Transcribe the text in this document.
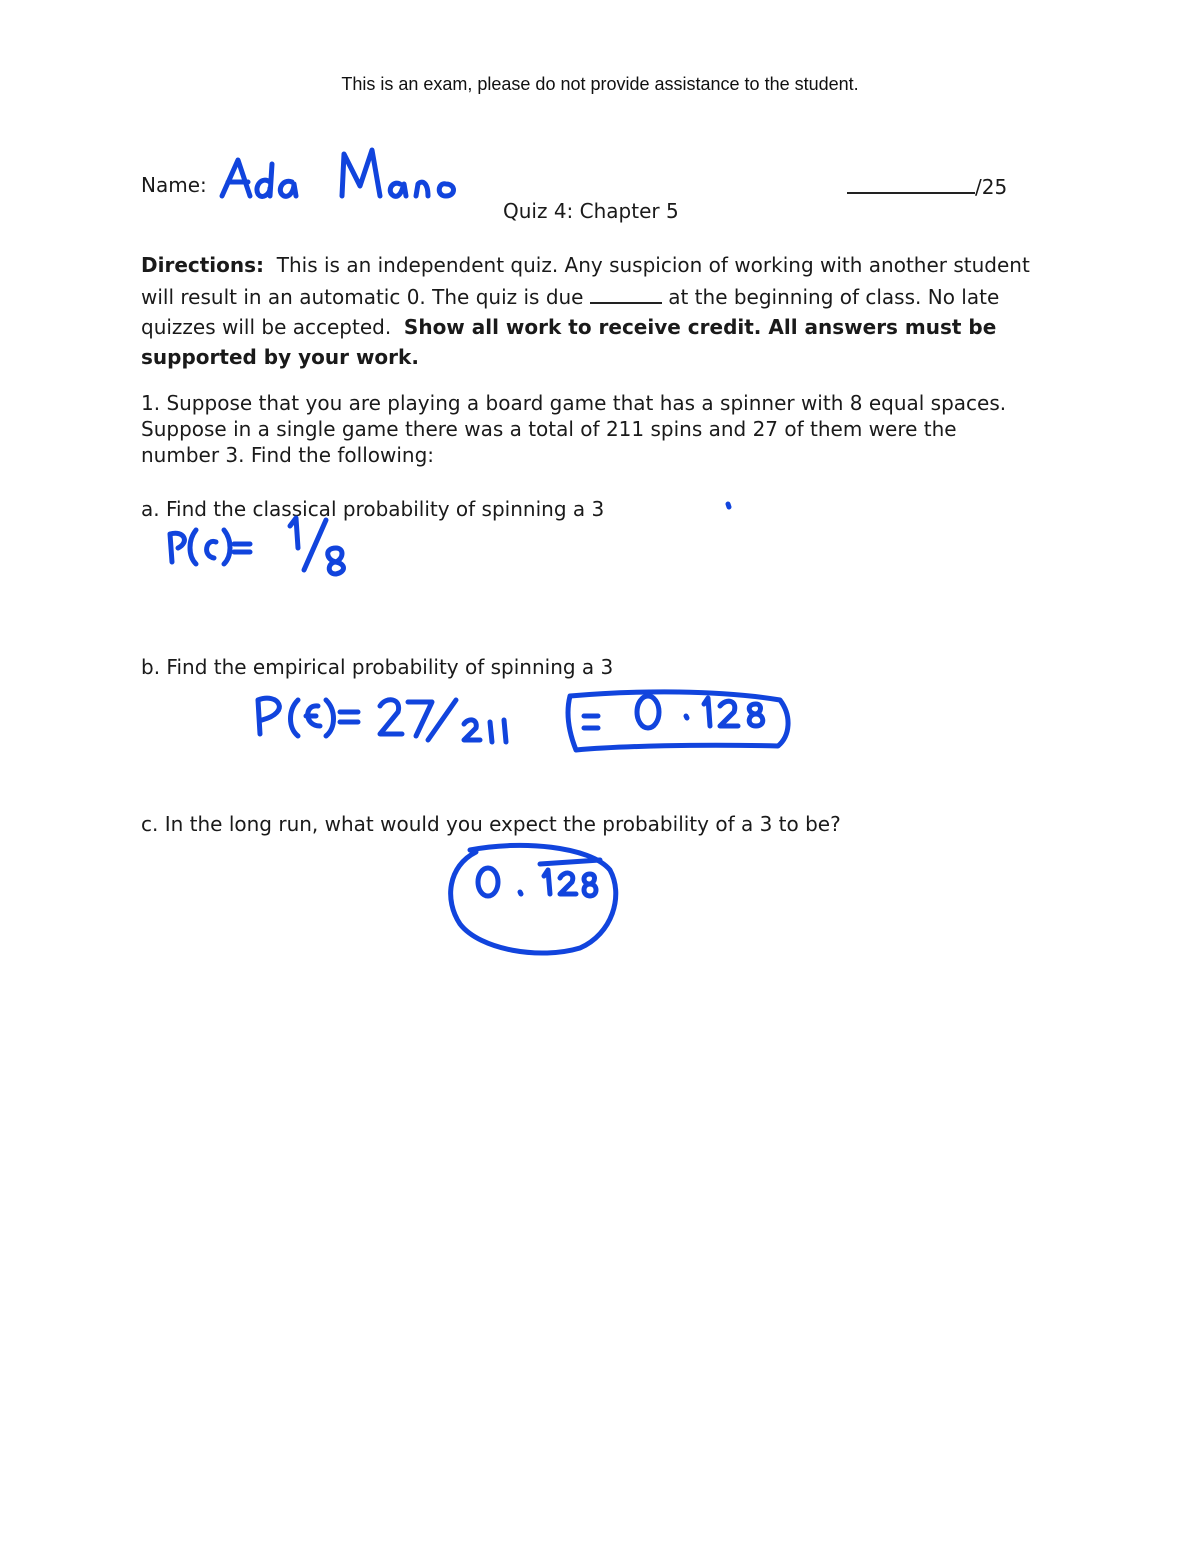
This is an exam, please do not provide assistance to the student.
Name:	/25
Quiz 4: Chapter 5
Directions: This is an independent quiz. Any suspicion of working with another student will result in an automatic 0. The quiz is due	at the beginning of class. No late quizzes will be accepted. Show all work to receive credit. All answers must be supported by your work.
1. Suppose that you are playing a board game that has a spinner with 8 equal spaces. Suppose in a single game there was a total of 211 spins and 27 of them were the number 3. Find the following:
a. Find the classical probability of spinning a 3
b. Find the empirical probability of spinning a 3
c. In the long run, what would you expect the probability of a 3 to be?
